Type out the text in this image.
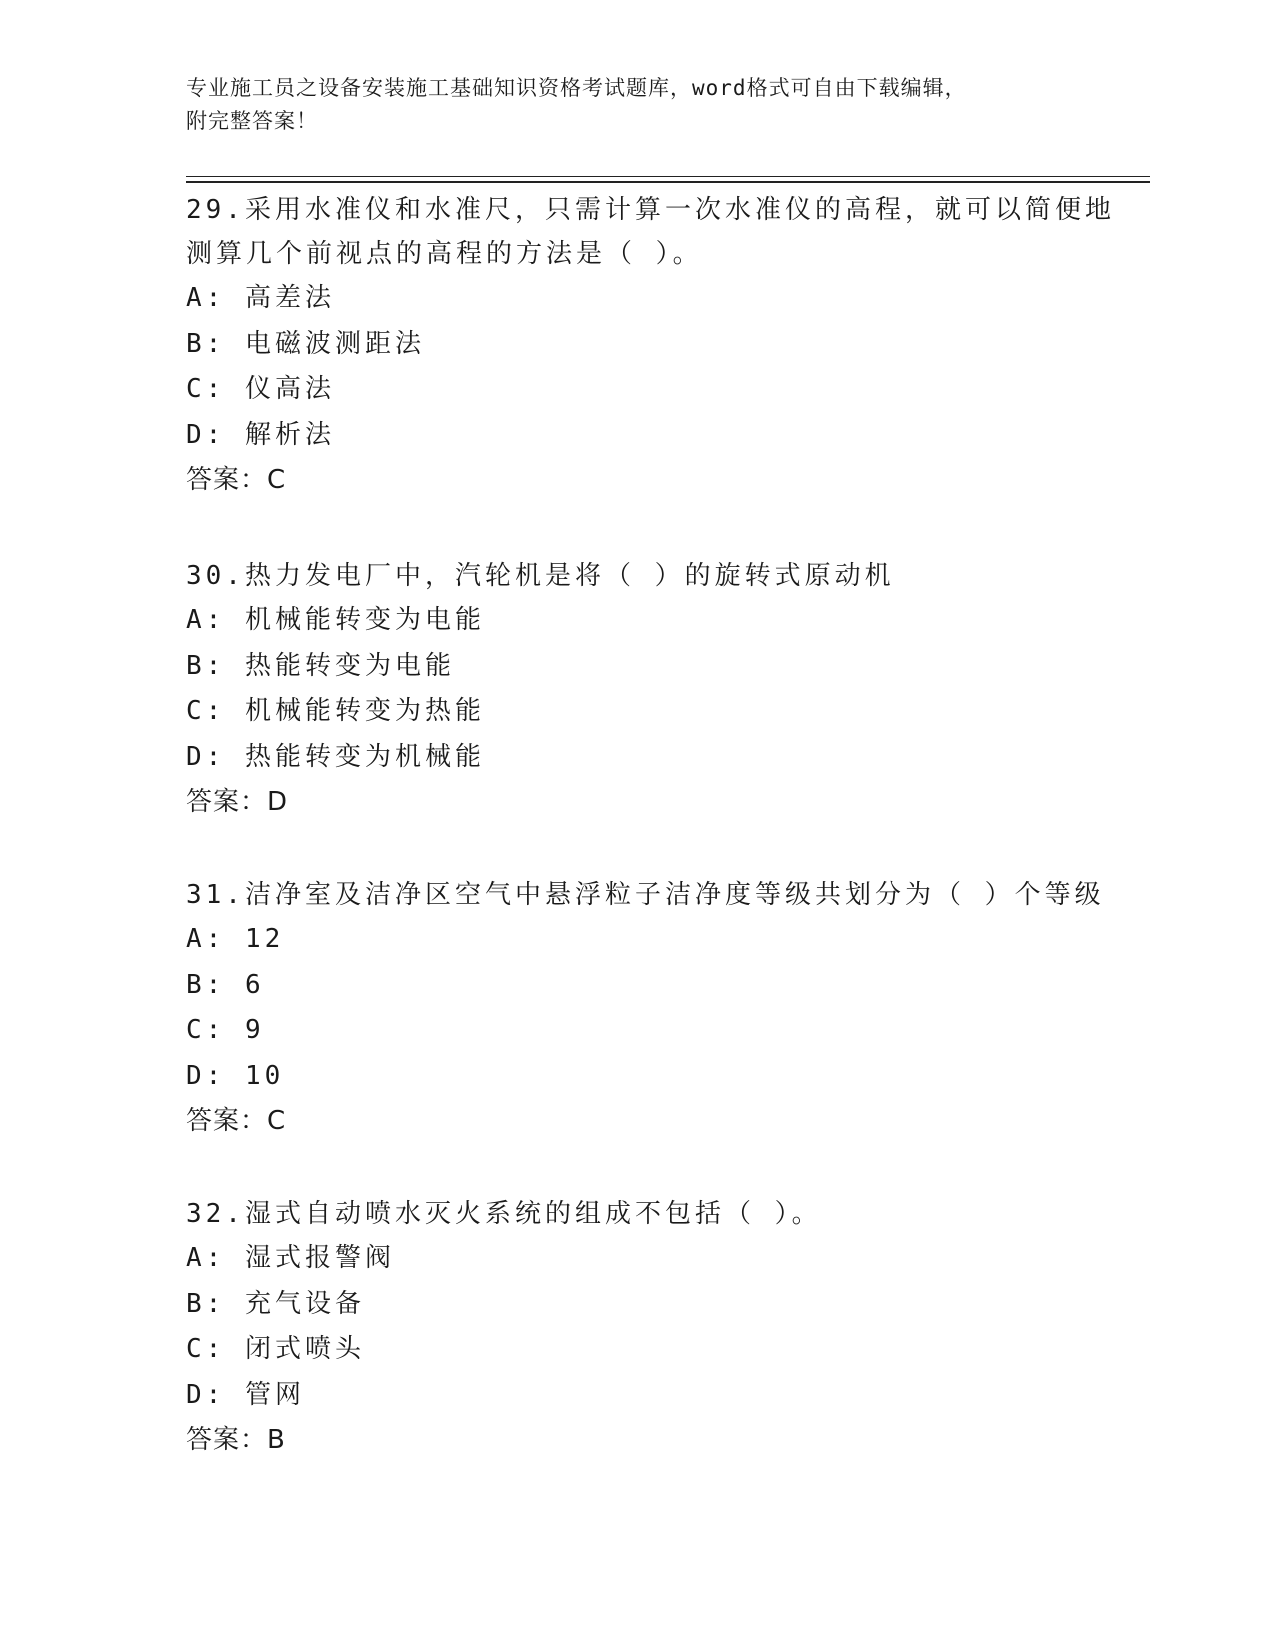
专业施工员之设备安装施工基础知识资格考试题库，word格式可自由下载编辑，
附完整答案！
29.采用水准仪和水准尺，只需计算一次水准仪的高程，就可以简便地
测算几个前视点的高程的方法是（ ）。
A: 高差法
B: 电磁波测距法
C: 仪高法
D: 解析法
答案：C
30.热力发电厂中，汽轮机是将（ ）的旋转式原动机
A: 机械能转变为电能
B: 热能转变为电能
C: 机械能转变为热能
D: 热能转变为机械能
答案：D
31.洁净室及洁净区空气中悬浮粒子洁净度等级共划分为（ ）个等级
A: 12
B: 6
C: 9
D: 10
答案：C
32.湿式自动喷水灭火系统的组成不包括（ ）。
A: 湿式报警阀
B: 充气设备
C: 闭式喷头
D: 管网
答案：B
